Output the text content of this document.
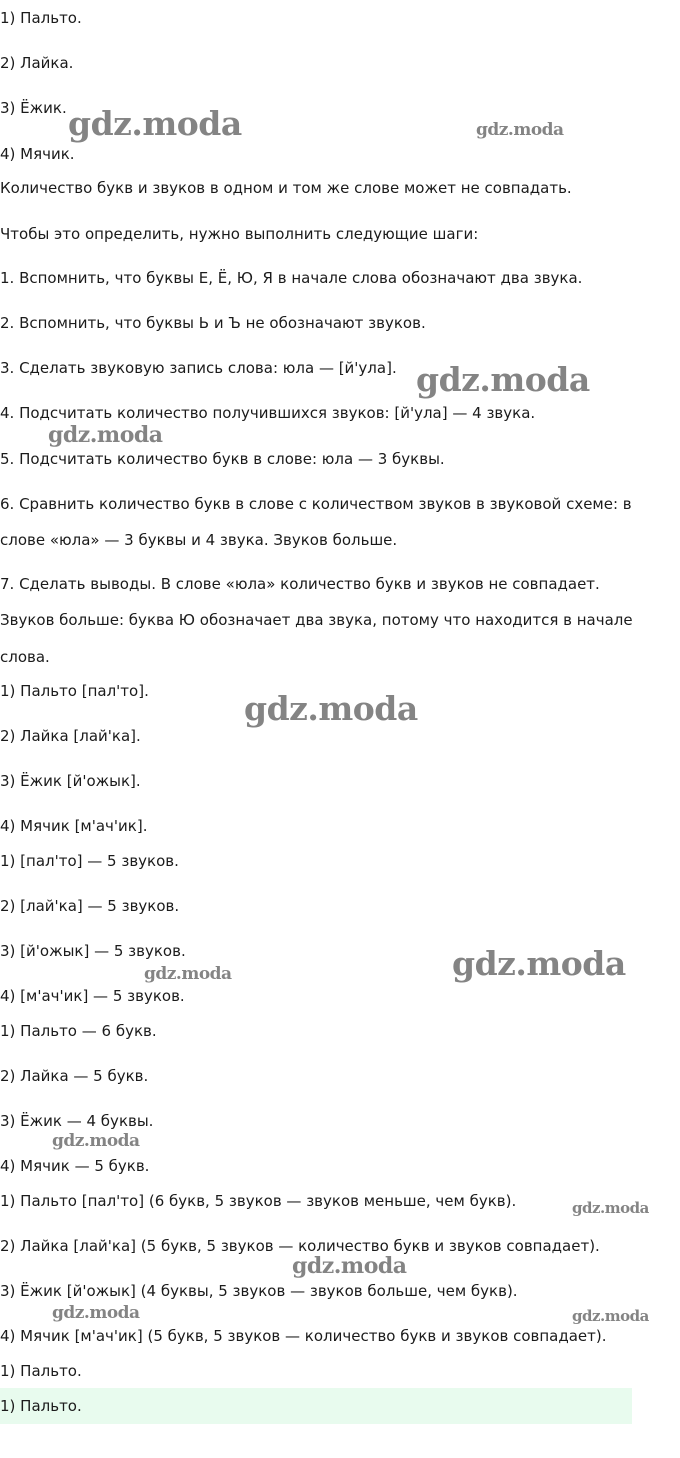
1) Пальто.

2) Лайка.

3) Ёжик.

4) Мячик.

Количество букв и звуков в одном и том же слове может не совпадать.

Чтобы это определить, нужно выполнить следующие шаги:

1. Вспомнить, что буквы Е, Ё, Ю, Я в начале слова обозначают два звука.

2. Вспомнить, что буквы Ь и Ъ не обозначают звуков.

3. Сделать звуковую запись слова: юла — [й'ула].

4. Подсчитать количество получившихся звуков: [й'ула] — 4 звука.

5. Подсчитать количество букв в слове: юла — 3 буквы.

6. Сравнить количество букв в слове с количеством звуков в звуковой схеме: в

слове «юла» — 3 буквы и 4 звука. Звуков больше.

7. Сделать выводы. В слове «юла» количество букв и звуков не совпадает.

Звуков больше: буква Ю обозначает два звука, потому что находится в начале

слова.

1) Пальто [пал'то].

2) Лайка [лай'ка].

3) Ёжик [й'ожык].

4) Мячик [м'ач'ик].

1) [пал'то] — 5 звуков.

2) [лай'ка] — 5 звуков.

3) [й'ожык] — 5 звуков.

4) [м'ач'ик] — 5 звуков.

1) Пальто — 6 букв.

2) Лайка — 5 букв.

3) Ёжик — 4 буквы.

4) Мячик — 5 букв.

1) Пальто [пал'то] (6 букв, 5 звуков — звуков меньше, чем букв).

2) Лайка [лай'ка] (5 букв, 5 звуков — количество букв и звуков совпадает).

3) Ёжик [й'ожык] (4 буквы, 5 звуков — звуков больше, чем букв).

4) Мячик [м'ач'ик] (5 букв, 5 звуков — количество букв и звуков совпадает).

1) Пальто.

1) Пальто.

gdz.moda	gdz.moda
gdz.moda
gdz.moda
gdz.moda
gdz.moda
gdz.moda
gdz.moda
gdz.moda
gdz.moda
gdz.moda	gdz.moda
